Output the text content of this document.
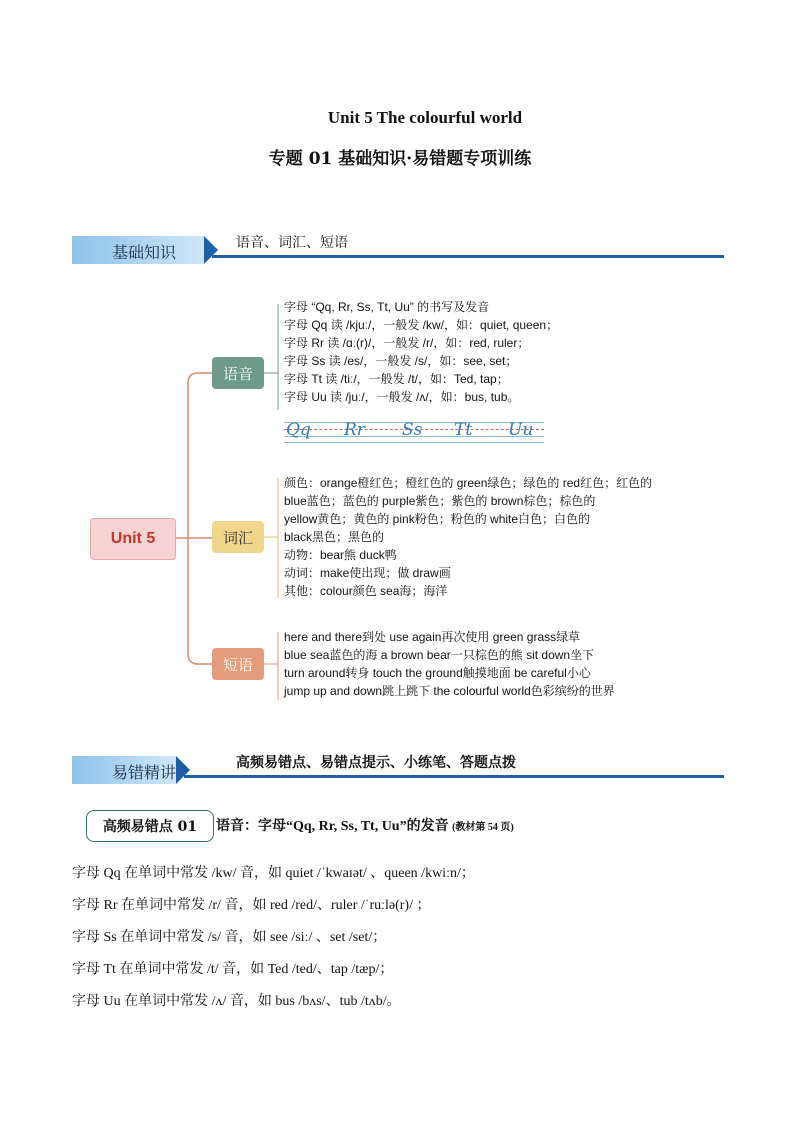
Unit 5 The colourful world
专题 01 基础知识·易错题专项训练
基础知识	语音、词汇、短语
Unit 5
语音
词汇
短语
字母 “Qq, Rr, Ss, Tt, Uu” 的书写及发音
字母 Qq 读 /kjuː/，一般发 /kw/，如：quiet, queen；
字母 Rr 读 /ɑː(r)/，一般发 /r/，如：red, ruler；
字母 Ss 读 /es/，一般发 /s/，如：see, set；
字母 Tt 读 /tiː/，一般发 /t/，如：Ted, tap；
字母 Uu 读 /juː/，一般发 /ʌ/，如：bus, tub。
Qq Rr Ss Tt Uu
颜色：orange橙红色；橙红色的 green绿色；绿色的 red红色；红色的
blue蓝色；蓝色的 purple紫色；紫色的 brown棕色；棕色的
yellow黄色；黄色的 pink粉色；粉色的 white白色；白色的
black黑色；黑色的
动物：bear熊 duck鸭
动词：make使出现；做 draw画
其他：colour颜色 sea海；海洋
here and there到处 use again再次使用 green grass绿草
blue sea蓝色的海 a brown bear一只棕色的熊 sit down坐下
turn around转身 touch the ground触摸地面 be careful小心
jump up and down跳上跳下 the colourful world色彩缤纷的世界
易错精讲	高频易错点、易错点提示、小练笔、答题点拨
高频易错点 01	语音：字母“Qq, Rr, Ss, Tt, Uu”的发音 (教材第 54 页)
字母 Qq 在单词中常发 /kw/ 音，如 quiet /ˈkwaɪət/ 、queen /kwiːn/；
字母 Rr 在单词中常发 /r/ 音，如 red /red/、ruler /ˈruːlə(r)/ ；
字母 Ss 在单词中常发 /s/ 音，如 see /siː/ 、set /set/；
字母 Tt 在单词中常发 /t/ 音，如 Ted /ted/、tap /tæp/；
字母 Uu 在单词中常发 /ʌ/ 音，如 bus /bʌs/、tub /tʌb/。
